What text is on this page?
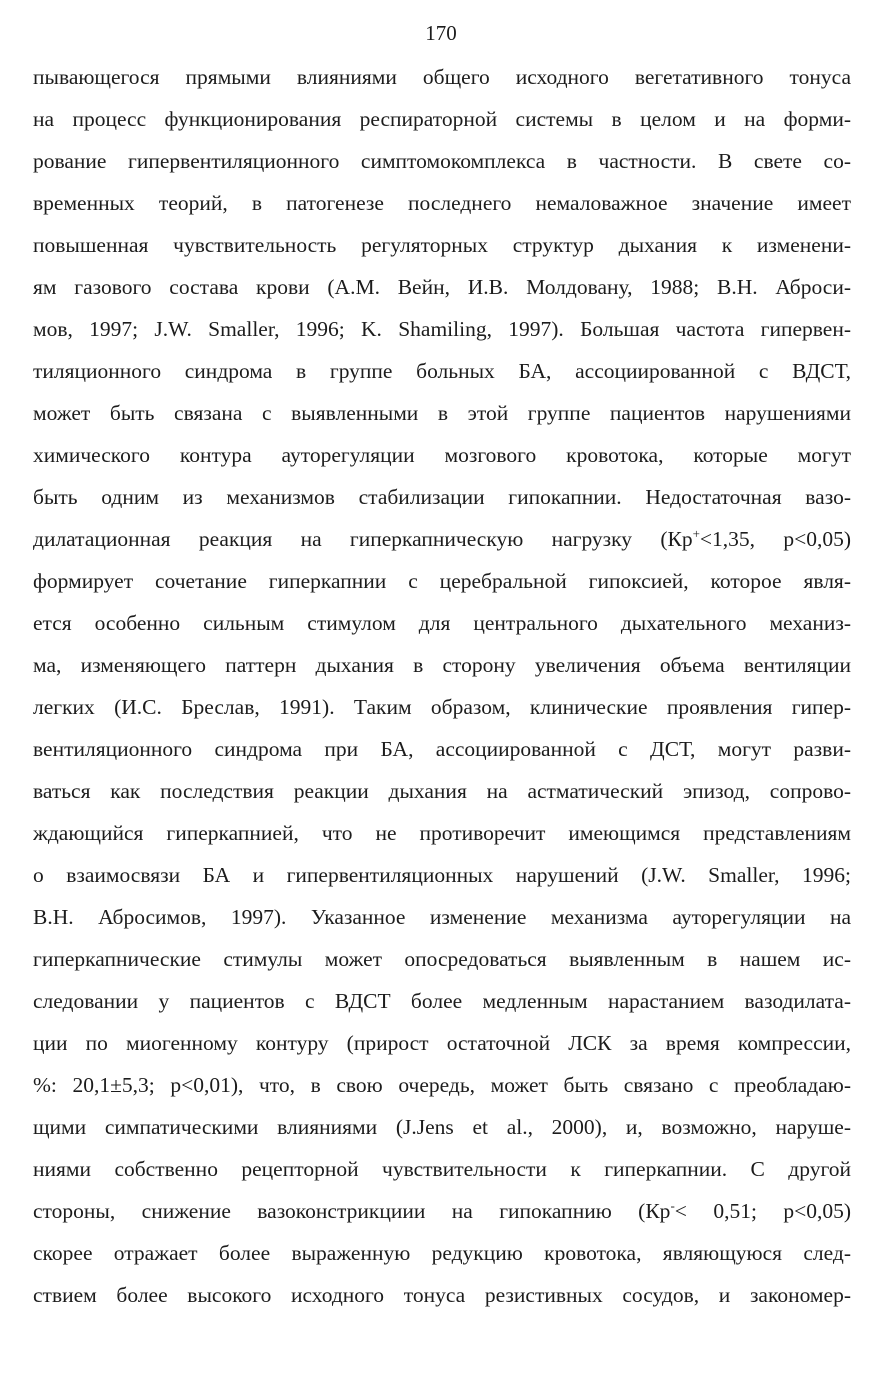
170
пывающегося прямыми влияниями общего исходного вегетативного тонуса
на процесс функционирования респираторной системы в целом и на форми-
рование гипервентиляционного симптомокомплекса в частности. В свете со-
временных теорий, в патогенезе последнего немаловажное значение имеет
повышенная чувствительность регуляторных структур дыхания к изменени-
ям газового состава крови (А.М. Вейн, И.В. Молдовану, 1988; В.Н. Аброси-
мов, 1997; J.W. Smaller, 1996; K. Shamiling, 1997). Большая частота гипервен-
тиляционного синдрома в группе больных БА, ассоциированной с ВДСТ,
может быть связана с выявленными в этой группе пациентов нарушениями
химического контура ауторегуляции мозгового кровотока, которые могут
быть одним из механизмов стабилизации гипокапнии. Недостаточная вазо-
дилатационная реакция на гиперкапническую нагрузку (Кр+<1,35, p<0,05)
формирует сочетание гиперкапнии с церебральной гипоксией, которое явля-
ется особенно сильным стимулом для центрального дыхательного механиз-
ма, изменяющего паттерн дыхания в сторону увеличения объема вентиляции
легких (И.С. Бреслав, 1991). Таким образом, клинические проявления гипер-
вентиляционного синдрома при БА, ассоциированной с ДСТ, могут разви-
ваться как последствия реакции дыхания на астматический эпизод, сопрово-
ждающийся гиперкапнией, что не противоречит имеющимся представлениям
о взаимосвязи БА и гипервентиляционных нарушений (J.W. Smaller, 1996;
В.Н. Абросимов, 1997). Указанное изменение механизма ауторегуляции на
гиперкапнические стимулы может опосредоваться выявленным в нашем ис-
следовании у пациентов с ВДСТ более медленным нарастанием вазодилата-
ции по миогенному контуру (прирост остаточной ЛСК за время компрессии,
%: 20,1±5,3; p<0,01), что, в свою очередь, может быть связано с преобладаю-
щими симпатическими влияниями (J.Jens et al., 2000), и, возможно, наруше-
ниями собственно рецепторной чувствительности к гиперкапнии. С другой
стороны, снижение вазоконстрикциии на гипокапнию (Кр-< 0,51; p<0,05)
скорее отражает более выраженную редукцию кровотока, являющуюся след-
ствием более высокого исходного тонуса резистивных сосудов, и закономер-
